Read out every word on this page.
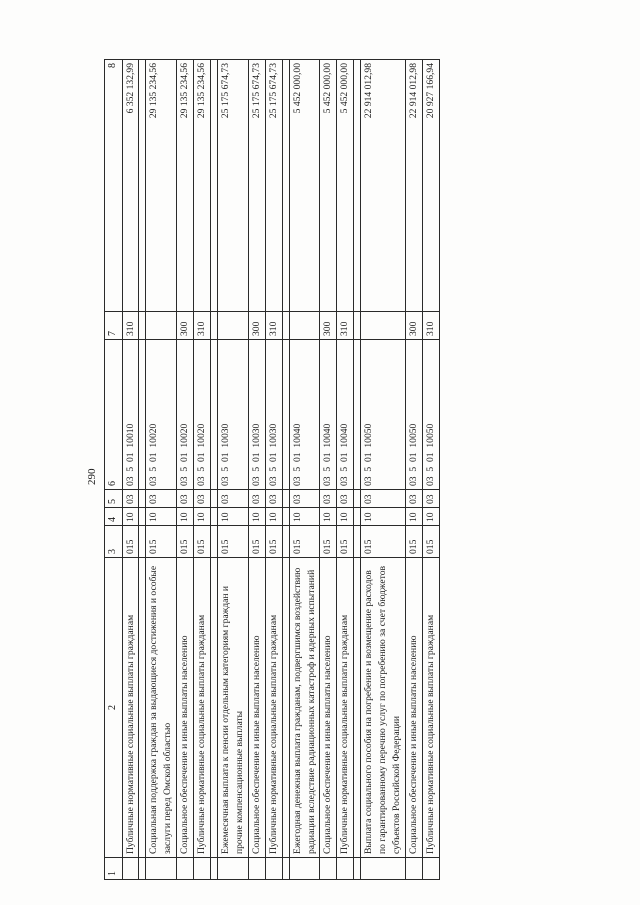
290
1	2	3	4	5	6	7	8
	Публичные нормативные социальные выплаты гражданам	015	10	03	03  5  01  10010	310	6 352 132,99

	Социальная поддержка граждан за выдающиеся достижения и особые заслуги перед Омской областью	015	10	03	03  5  01  10020		29 135 234,56
	Социальное обеспечение и иные выплаты населению	015	10	03	03  5  01  10020	300	29 135 234,56
	Публичные нормативные социальные выплаты гражданам	015	10	03	03  5  01  10020	310	29 135 234,56

	Ежемесячная выплата к пенсии отдельным категориям граждан и прочие компенсационные выплаты	015	10	03	03  5  01  10030		25 175 674,73
	Социальное обеспечение и иные выплаты населению	015	10	03	03  5  01  10030	300	25 175 674,73
	Публичные нормативные социальные выплаты гражданам	015	10	03	03  5  01  10030	310	25 175 674,73

	Ежегодная денежная выплата гражданам, подвергшимся воздействию радиации вследствие радиационных катастроф и ядерных испытаний	015	10	03	03  5  01  10040		5 452 000,00
	Социальное обеспечение и иные выплаты населению	015	10	03	03  5  01  10040	300	5 452 000,00
	Публичные нормативные социальные выплаты гражданам	015	10	03	03  5  01  10040	310	5 452 000,00

	Выплата социального пособия на погребение и возмещение расходов по гарантированному перечню услуг по погребению за счет бюджетов субъектов Российской Федерации	015	10	03	03  5  01  10050		22 914 012,98
	Социальное обеспечение и иные выплаты населению	015	10	03	03  5  01  10050	300	22 914 012,98
	Публичные нормативные социальные выплаты гражданам	015	10	03	03  5  01  10050	310	20 927 166,94
